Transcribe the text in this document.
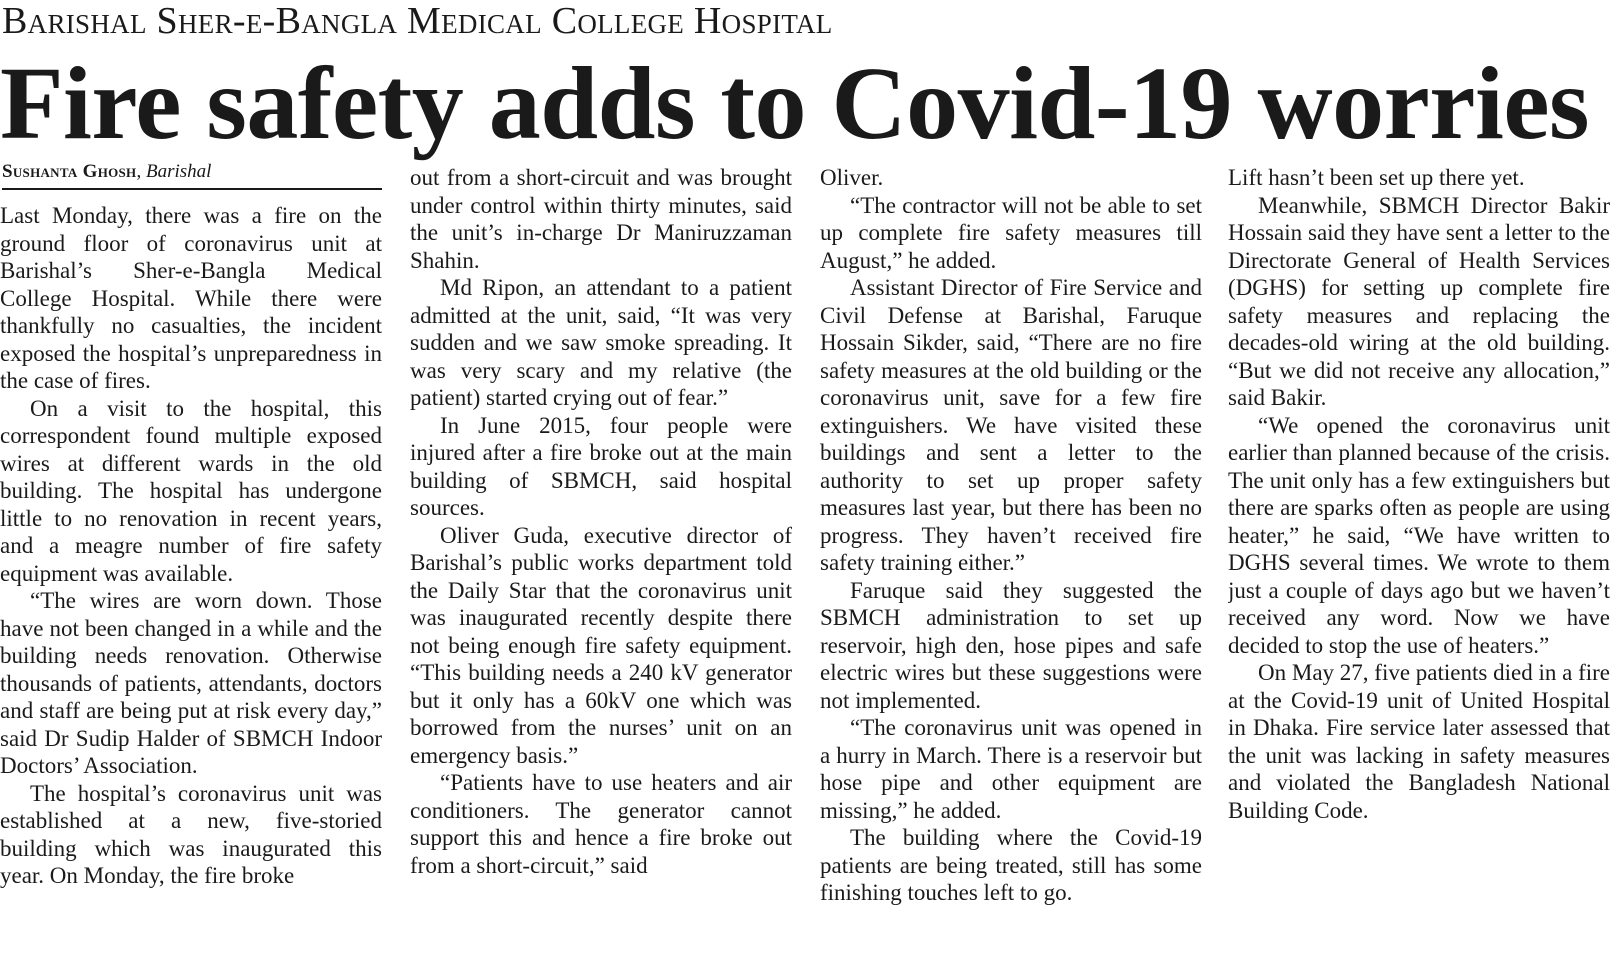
Barishal Sher-e-Bangla Medical College Hospital
Fire safety adds to Covid-19 worries
Sushanta Ghosh, Barishal

Last Monday, there was a fire on the ground floor of coronavirus unit at Barishal’s Sher-e-Bangla Medical College Hospital. While there were thankfully no casualties, the incident exposed the hospital’s unpreparedness in the case of fires.

On a visit to the hospital, this correspondent found multiple exposed wires at different wards in the old building. The hospital has undergone little to no renovation in recent years, and a meagre number of fire safety equipment was available.

“The wires are worn down. Those have not been changed in a while and the building needs renovation. Otherwise thousands of patients, attendants, doctors and staff are being put at risk every day,” said Dr Sudip Halder of SBMCH Indoor Doctors’ Association.

The hospital’s coronavirus unit was established at a new, five-storied building which was inaugurated this year. On Monday, the fire broke

out from a short-circuit and was brought under control within thirty minutes, said the unit’s in-charge Dr Maniruzzaman Shahin.

Md Ripon, an attendant to a patient admitted at the unit, said, “It was very sudden and we saw smoke spreading. It was very scary and my relative (the patient) started crying out of fear.”

In June 2015, four people were injured after a fire broke out at the main building of SBMCH, said hospital sources.

Oliver Guda, executive director of Barishal’s public works department told the Daily Star that the coronavirus unit was inaugurated recently despite there not being enough fire safety equipment. “This building needs a 240 kV generator but it only has a 60kV one which was borrowed from the nurses’ unit on an emergency basis.”

“Patients have to use heaters and air conditioners. The generator cannot support this and hence a fire broke out from a short-circuit,” said

Oliver.

“The contractor will not be able to set up complete fire safety measures till August,” he added.

Assistant Director of Fire Service and Civil Defense at Barishal, Faruque Hossain Sikder, said, “There are no fire safety measures at the old building or the coronavirus unit, save for a few fire extinguishers. We have visited these buildings and sent a letter to the authority to set up proper safety measures last year, but there has been no progress. They haven’t received fire safety training either.”

Faruque said they suggested the SBMCH administration to set up reservoir, high den, hose pipes and safe electric wires but these suggestions were not implemented.

“The coronavirus unit was opened in a hurry in March. There is a reservoir but hose pipe and other equipment are missing,” he added.

The building where the Covid-19 patients are being treated, still has some finishing touches left to go.

Lift hasn’t been set up there yet.

Meanwhile, SBMCH Director Bakir Hossain said they have sent a letter to the Directorate General of Health Services (DGHS) for setting up complete fire safety measures and replacing the decades-old wiring at the old building. “But we did not receive any allocation,” said Bakir.

“We opened the coronavirus unit earlier than planned because of the crisis. The unit only has a few extinguishers but there are sparks often as people are using heater,” he said, “We have written to DGHS several times. We wrote to them just a couple of days ago but we haven’t received any word. Now we have decided to stop the use of heaters.”

On May 27, five patients died in a fire at the Covid-19 unit of United Hospital in Dhaka. Fire service later assessed that the unit was lacking in safety measures and violated the Bangladesh National Building Code.
